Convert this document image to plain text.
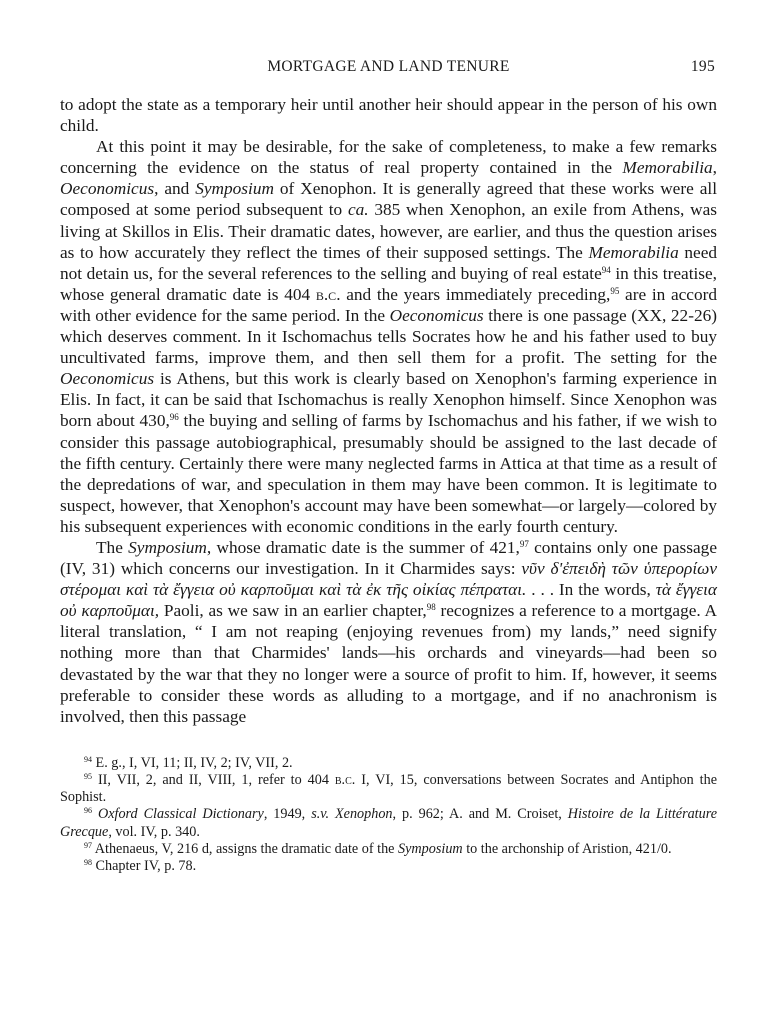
MORTGAGE AND LAND TENURE	195

to adopt the state as a temporary heir until another heir should appear in the person of his own child.

At this point it may be desirable, for the sake of completeness, to make a few remarks concerning the evidence on the status of real property contained in the Memorabilia, Oeconomicus, and Symposium of Xenophon. It is generally agreed that these works were all composed at some period subsequent to ca. 385 when Xenophon, an exile from Athens, was living at Skillos in Elis. Their dramatic dates, however, are earlier, and thus the question arises as to how accurately they reflect the times of their supposed settings. The Memorabilia need not detain us, for the several references to the selling and buying of real estate$^{94}$ in this treatise, whose general dramatic date is 404 b.c. and the years immediately preceding,$^{95}$ are in accord with other evidence for the same period. In the Oeconomicus there is one passage (XX, 22-26) which deserves comment. In it Ischomachus tells Socrates how he and his father used to buy uncultivated farms, improve them, and then sell them for a profit. The setting for the Oeconomicus is Athens, but this work is clearly based on Xenophon's farming experience in Elis. In fact, it can be said that Ischomachus is really Xenophon himself. Since Xenophon was born about 430,96 the buying and selling of farms by Ischomachus and his father, if we wish to consider this passage autobiographical, presumably should be assigned to the last decade of the fifth century. Certainly there were many neglected farms in Attica at that time as a result of the depredations of war, and speculation in them may have been common. It is legitimate to suspect, however, that Xenophon's account may have been somewhat—or largely—colored by his subsequent experiences with economic conditions in the early fourth century.

The Symposium, whose dramatic date is the summer of 421,97 contains only one passage (IV, 31) which concerns our investigation. In it Charmides says: νῦν δ'ἐπειδὴ τῶν ὑπερορίων στέρομαι καὶ τὰ ἔγγεια οὐ καρποῦμαι καὶ τὰ ἐκ τῆς οἰκίας πέπραται. . . . In the words, τὰ ἔγγεια οὐ καρποῦμαι, Paoli, as we saw in an earlier chapter,$^{98}$ recognizes a reference to a mortgage. A literal translation, “ I am not reaping (enjoying revenues from) my lands,” need signify nothing more than that Charmides' lands—his orchards and vineyards—had been so devastated by the war that they no longer were a source of profit to him. If, however, it seems preferable to consider these words as alluding to a mortgage, and if no anachronism is involved, then this passage

$^{94}$ E. g., I, VI, 11; II, IV, 2; IV, VII, 2.

$^{95}$ II, VII, 2, and II, VIII, 1, refer to 404 b.c. I, VI, 15, conversations between Socrates and Antiphon the Sophist.

$^{96}$ Oxford Classical Dictionary, 1949, s.v. Xenophon, p. 962; A. and M. Croiset, Histoire de la Littérature Grecque, vol. IV, p. 340.

$^{97}$ Athenaeus, V, 216 d, assigns the dramatic date of the Symposium to the archonship of Aristion, 421/0.

$^{98}$ Chapter IV, p. 78.
